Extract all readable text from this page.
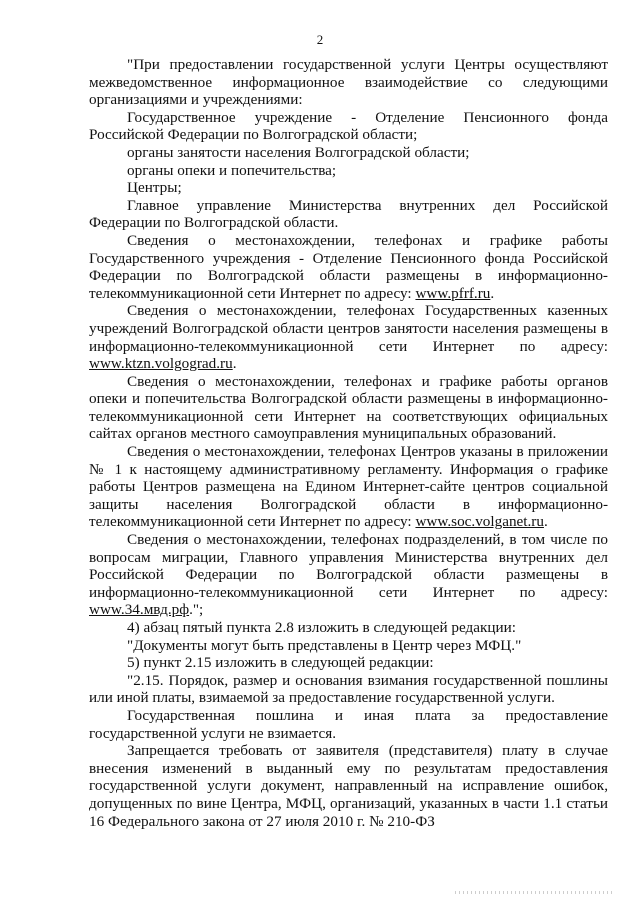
2

"При предоставлении государственной услуги Центры осуществляют межведомственное информационное взаимодействие со следующими организациями и учреждениями:

Государственное учреждение - Отделение Пенсионного фонда Российской Федерации по Волгоградской области;

органы занятости населения Волгоградской области;

органы опеки и попечительства;

Центры;

Главное управление Министерства внутренних дел Российской Федерации по Волгоградской области.

Сведения о местонахождении, телефонах и графике работы Государственного учреждения - Отделение Пенсионного фонда Российской Федерации по Волгоградской области размещены в информационно-телекоммуникационной сети Интернет по адресу: www.pfrf.ru.

Сведения о местонахождении, телефонах Государственных казенных учреждений Волгоградской области центров занятости населения размещены в информационно-телекоммуникационной сети Интернет по адресу: www.ktzn.volgograd.ru.

Сведения о местонахождении, телефонах и графике работы органов опеки и попечительства Волгоградской области размещены в информационно-телекоммуникационной сети Интернет на соответствующих официальных сайтах органов местного самоуправления муниципальных образований.

Сведения о местонахождении, телефонах Центров указаны в приложении № 1 к настоящему административному регламенту. Информация о графике работы Центров размещена на Едином Интернет-сайте центров социальной защиты населения Волгоградской области в информационно-телекоммуникационной сети Интернет по адресу: www.soc.volganet.ru.

Сведения о местонахождении, телефонах подразделений, в том числе по вопросам миграции, Главного управления Министерства внутренних дел Российской Федерации по Волгоградской области размещены в информационно-телекоммуникационной сети Интернет по адресу: www.34.мвд.рф.";

4) абзац пятый пункта 2.8 изложить в следующей редакции:

"Документы могут быть представлены в Центр через МФЦ."

5) пункт 2.15 изложить в следующей редакции:

"2.15. Порядок, размер и основания взимания государственной пошлины или иной платы, взимаемой за предоставление государственной услуги.

Государственная пошлина и иная плата за предоставление государственной услуги не взимается.

Запрещается требовать от заявителя (представителя) плату в случае внесения изменений в выданный ему по результатам предоставления государственной услуги документ, направленный на исправление ошибок, допущенных по вине Центра, МФЦ, организаций, указанных в части 1.1 статьи 16 Федерального закона от 27 июля 2010 г. № 210-ФЗ
